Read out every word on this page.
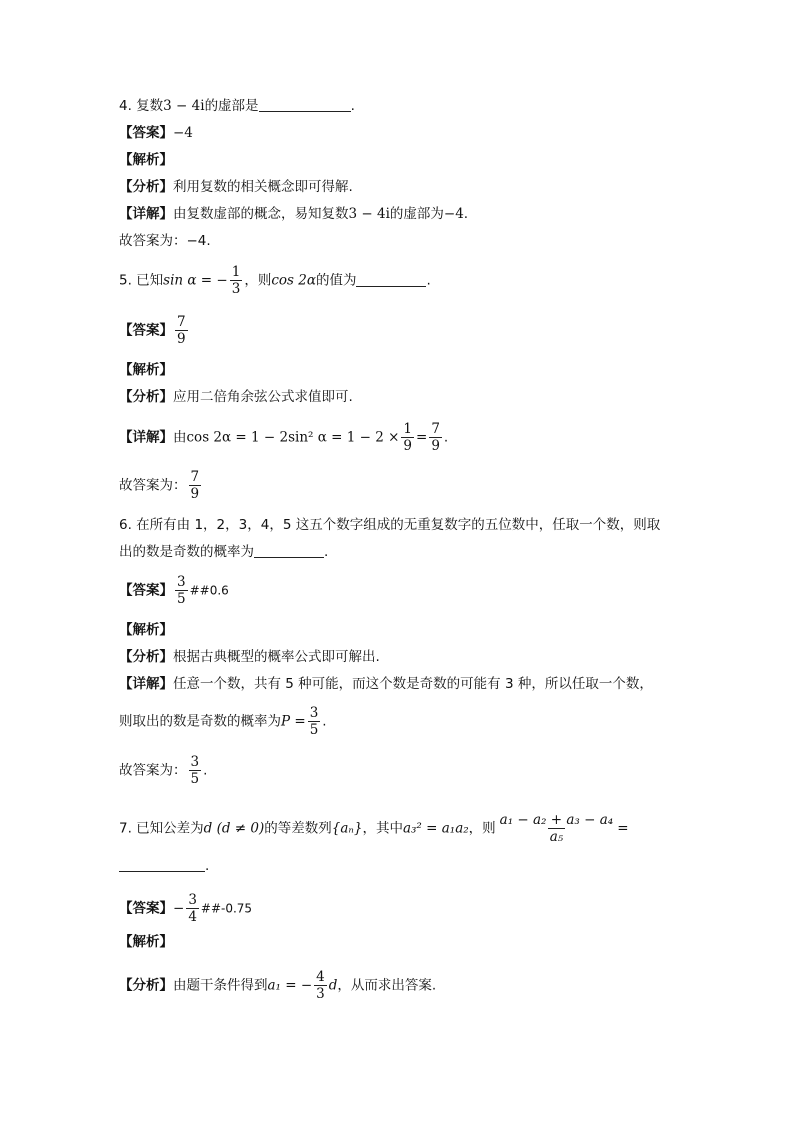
4. 复数3 − 4i的虚部是	.
【答案】−4
【解析】
【分析】利用复数的相关概念即可得解.
【详解】由复数虚部的概念，易知复数3 − 4i的虚部为−4.
故答案为：−4.
5. 已知sin α = − $\frac{1}{3}$ ，则cos 2α的值为	.
【答案】 $\frac{7}{9}$
【解析】
【分析】应用二倍角余弦公式求值即可.
【详解】由cos 2α = 1 − 2sin² $\alpha = 1 - 2 \times \frac{1}{9} = \frac{7}{9}$ .
故答案为： $\frac{7}{9}$
6. 在所有由 1，2，3，4，5 这五个数字组成的无重复数字的五位数中，任取一个数，则取
出的数是奇数的概率为	.
【答案】 $\frac{3}{5}$ ##0.6
【解析】
【分析】根据古典概型的概率公式即可解出.
【详解】任意一个数，共有 5 种可能，而这个数是奇数的可能有 3 种，所以任取一个数，
则取出的数是奇数的概率为$P = \frac{3}{5}$ .
故答案为： $\frac{3}{5}$ .
7. 已知公差为d (d ≠ 0)的等差数列{aₙ}，其中a₃² = a₁a₂，则 $\frac{\text{a₁ − a₂ + a₃ − a₄}}{\text{a₅}}$ =
.
【答案】− $\frac{3}{4}$ ##-0.75
【解析】
【分析】由题干条件得到a₁ = − $\frac{4}{3}$ d，从而求出答案.
